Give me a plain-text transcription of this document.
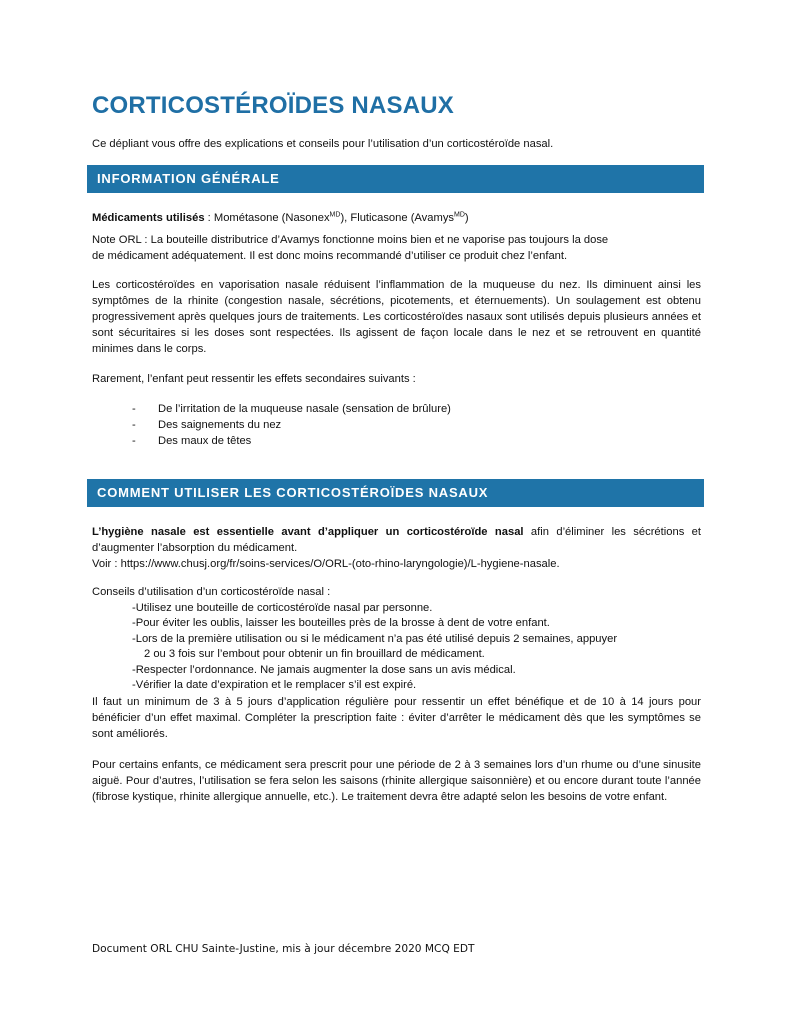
CORTICOSTÉROÏDES NASAUX

Ce dépliant vous offre des explications et conseils pour l’utilisation d’un corticostéroïde nasal.

INFORMATION GÉNÉRALE

Médicaments utilisés : Mométasone (Nasonex$^{MD}$), Fluticasone (Avamys$^{MD}$)

Note ORL : La bouteille distributrice d’Avamys fonctionne moins bien et ne vaporise pas toujours la dose

de médicament adéquatement. Il est donc moins recommandé d’utiliser ce produit chez l’enfant.

Les corticostéroïdes en vaporisation nasale réduisent l’inflammation de la muqueuse du nez. Ils diminuent ainsi les symptômes de la rhinite (congestion nasale, sécrétions, picotements, et éternuements). Un soulagement est obtenu progressivement après quelques jours de traitements. Les corticostéroïdes nasaux sont utilisés depuis plusieurs années et sont sécuritaires si les doses sont respectées. Ils agissent de façon locale dans le nez et se retrouvent en quantité minimes dans le corps.

Rarement, l’enfant peut ressentir les effets secondaires suivants :

- De l’irritation de la muqueuse nasale (sensation de brûlure)
- Des saignements du nez
- Des maux de têtes
COMMENT UTILISER LES CORTICOSTÉROÏDES NASAUX

L’hygiène nasale est essentielle avant d’appliquer un corticostéroïde nasal afin d’éliminer les sécrétions et d’augmenter l’absorption du médicament.

Voir : https://www.chusj.org/fr/soins-services/O/ORL-(oto-rhino-laryngologie)/L-hygiene-nasale.

Conseils d’utilisation d’un corticostéroïde nasal :
-Utilisez une bouteille de corticostéroïde nasal par personne.
-Pour éviter les oublis, laisser les bouteilles près de la brosse à dent de votre enfant.
-Lors de la première utilisation ou si le médicament n’a pas été utilisé depuis 2 semaines, appuyer
2 ou 3 fois sur l’embout pour obtenir un fin brouillard de médicament.
-Respecter l’ordonnance. Ne jamais augmenter la dose sans un avis médical.
-Vérifier la date d’expiration et le remplacer s’il est expiré.

Il faut un minimum de 3 à 5 jours d’application régulière pour ressentir un effet bénéfique et de 10 à 14 jours pour bénéficier d’un effet maximal. Compléter la prescription faite : éviter d’arrêter le médicament dès que les symptômes se sont améliorés.

Pour certains enfants, ce médicament sera prescrit pour une période de 2 à 3 semaines lors d’un rhume ou d’une sinusite aiguë. Pour d’autres, l’utilisation se fera selon les saisons (rhinite allergique saisonnière) et ou encore durant toute l’année (fibrose kystique, rhinite allergique annuelle, etc.). Le traitement devra être adapté selon les besoins de votre enfant.

Document ORL CHU Sainte-Justine, mis à jour décembre 2020 MCQ EDT
